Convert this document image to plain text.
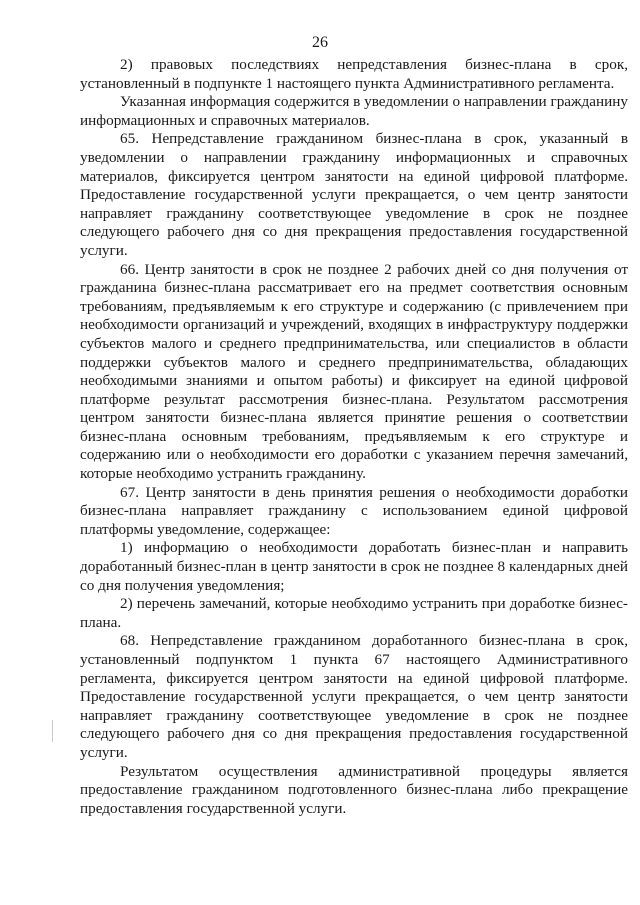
26

2) правовых последствиях непредставления бизнес-плана в срок, установленный в подпункте 1 настоящего пункта Административного регламента.

Указанная информация содержится в уведомлении о направлении гражданину информационных и справочных материалов.

65. Непредставление гражданином бизнес-плана в срок, указанный в уведомлении о направлении гражданину информационных и справочных материалов, фиксируется центром занятости на единой цифровой платформе. Предоставление государственной услуги прекращается, о чем центр занятости направляет гражданину соответствующее уведомление в срок не позднее следующего рабочего дня со дня прекращения предоставления государственной услуги.

66. Центр занятости в срок не позднее 2 рабочих дней со дня получения от гражданина бизнес-плана рассматривает его на предмет соответствия основным требованиям, предъявляемым к его структуре и содержанию (с привлечением при необходимости организаций и учреждений, входящих в инфраструктуру поддержки субъектов малого и среднего предпринимательства, или специалистов в области поддержки субъектов малого и среднего предпринимательства, обладающих необходимыми знаниями и опытом работы) и фиксирует на единой цифровой платформе результат рассмотрения бизнес-плана. Результатом рассмотрения центром занятости бизнес-плана является принятие решения о соответствии бизнес-плана основным требованиям, предъявляемым к его структуре и содержанию или о необходимости его доработки с указанием перечня замечаний, которые необходимо устранить гражданину.

67. Центр занятости в день принятия решения о необходимости доработки бизнес-плана направляет гражданину с использованием единой цифровой платформы уведомление, содержащее:

1) информацию о необходимости доработать бизнес-план и направить доработанный бизнес-план в центр занятости в срок не позднее 8 календарных дней со дня получения уведомления;

2) перечень замечаний, которые необходимо устранить при доработке бизнес-плана.

68. Непредставление гражданином доработанного бизнес-плана в срок, установленный подпунктом 1 пункта 67 настоящего Административного регламента, фиксируется центром занятости на единой цифровой платформе. Предоставление государственной услуги прекращается, о чем центр занятости направляет гражданину соответствующее уведомление в срок не позднее следующего рабочего дня со дня прекращения предоставления государственной услуги.

Результатом осуществления административной процедуры является предоставление гражданином подготовленного бизнес-плана либо прекращение предоставления государственной услуги.
